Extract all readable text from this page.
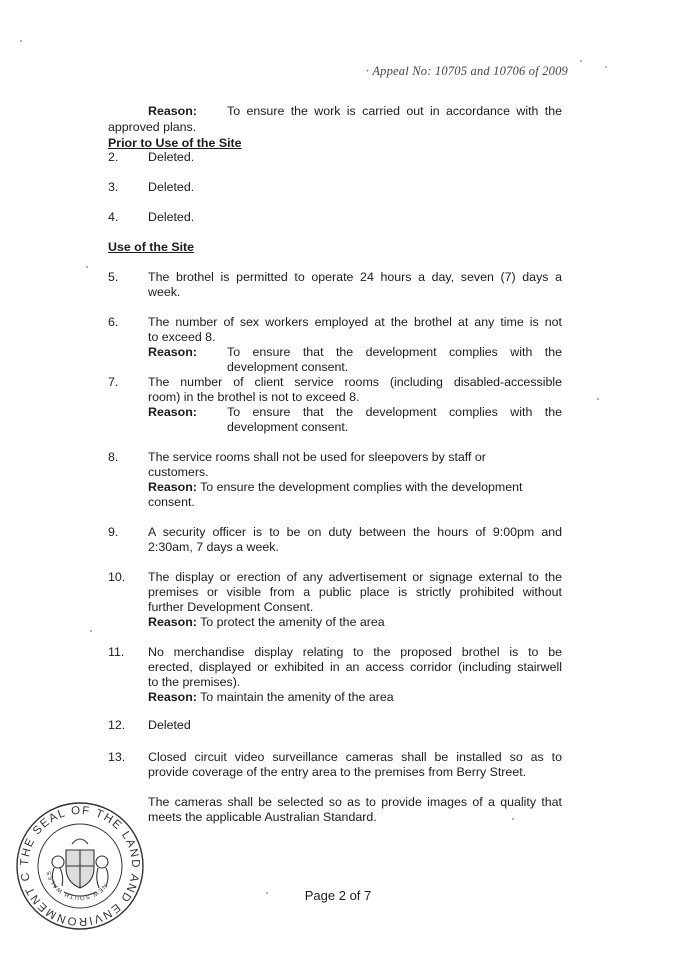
· Appeal No: 10705 and 10706 of 2009
Reason:	To ensure the work is carried out in accordance with the
approved plans.
Prior to Use of the Site
2.	Deleted.
3.	Deleted.
4.	Deleted.
Use of the Site
5. The brothel is permitted to operate 24 hours a day, seven (7) days a
week.
6. The number of sex workers employed at the brothel at any time is not
to exceed 8.
Reason:	To ensure that the development complies with the
development consent.
7. The number of client service rooms (including disabled-accessible
room) in the brothel is not to exceed 8.
Reason:	To ensure that the development complies with the
development consent.
8. The service rooms shall not be used for sleepovers by staff or
customers.
Reason: To ensure the development complies with the development
consent.
9. A security officer is to be on duty between the hours of 9:00pm and
2:30am, 7 days a week.
10. The display or erection of any advertisement or signage external to the
premises or visible from a public place is strictly prohibited without
further Development Consent.
Reason: To protect the amenity of the area
11. No merchandise display relating to the proposed brothel is to be
erected, displayed or exhibited in an access corridor (including stairwell
to the premises).
Reason: To maintain the amenity of the area
12. Deleted
13. Closed circuit video surveillance cameras shall be installed so as to
provide coverage of the entry area to the premises from Berry Street.
The cameras shall be selected so as to provide images of a quality that
meets the applicable Australian Standard.
THE SEAL OF THE LAND AND ENVIRONMENT C
NEW SOUTH WALES
Page 2 of 7
